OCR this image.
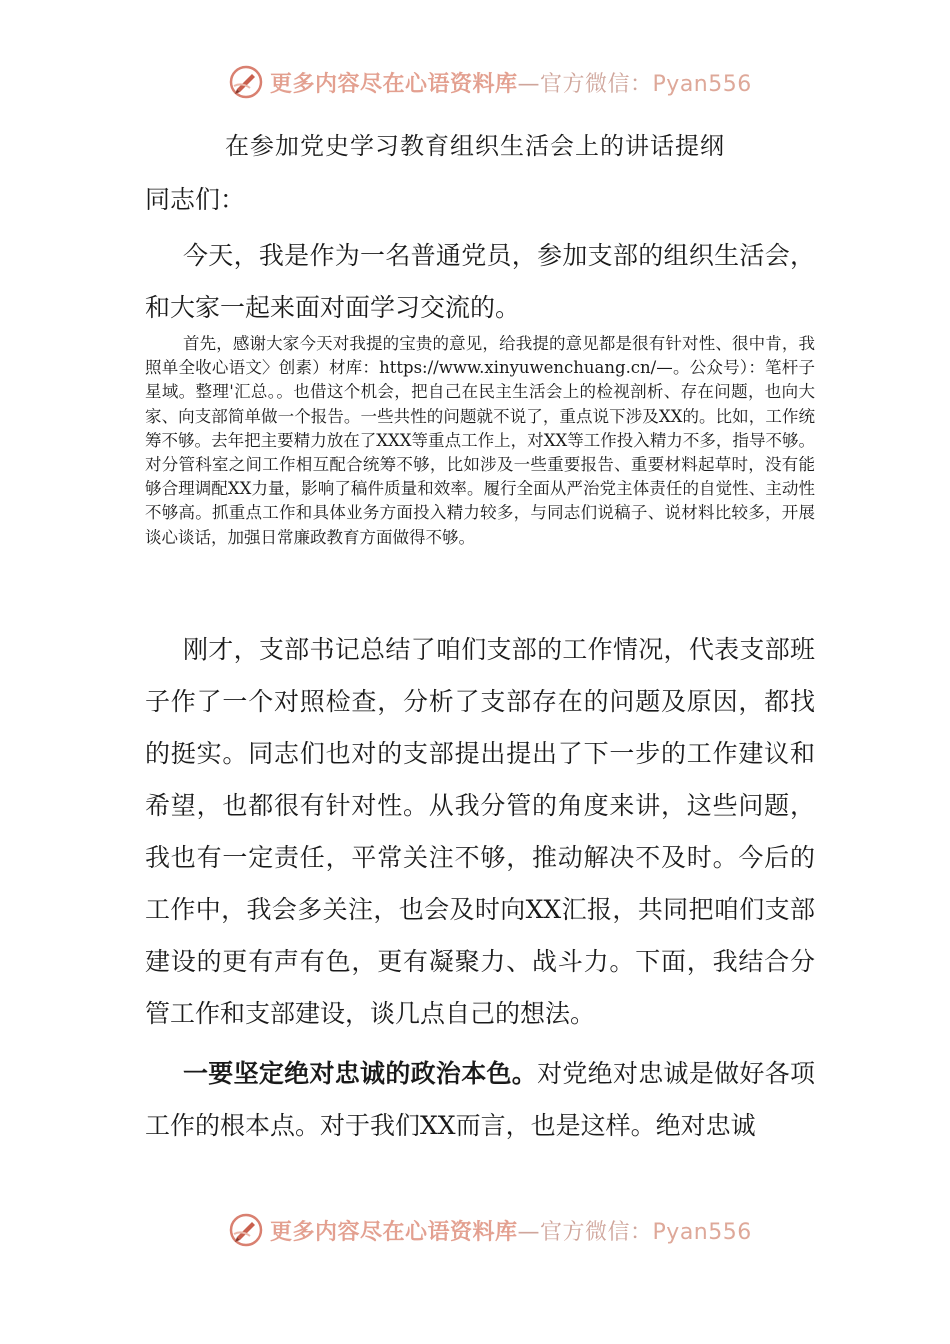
更多内容尽在心语资料库—官方微信：Pyan556
在参加党史学习教育组织生活会上的讲话提纲
同志们：

今天，我是作为一名普通党员，参加支部的组织生活会，和大家一起来面对面学习交流的。

首先，感谢大家今天对我提的宝贵的意见，给我提的意见都是很有针对性、很中肯，我照单全收心语文〉创素）材库：https://www.xinyuwenchuang.cn/—。公众号）：笔杆子星域。整理'汇总。。也借这个机会，把自己在民主生活会上的检视剖析、存在问题，也向大家、向支部简单做一个报告。一些共性的问题就不说了，重点说下涉及XX的。比如，工作统筹不够。去年把主要精力放在了XXX等重点工作上，对XX等工作投入精力不多，指导不够。对分管科室之间工作相互配合统筹不够，比如涉及一些重要报告、重要材料起草时，没有能够合理调配XX力量，影响了稿件质量和效率。履行全面从严治党主体责任的自觉性、主动性不够高。抓重点工作和具体业务方面投入精力较多，与同志们说稿子、说材料比较多，开展谈心谈话，加强日常廉政教育方面做得不够。

刚才，支部书记总结了咱们支部的工作情况，代表支部班子作了一个对照检查，分析了支部存在的问题及原因，都找的挺实。同志们也对的支部提出提出了下一步的工作建议和希望，也都很有针对性。从我分管的角度来讲，这些问题，我也有一定责任，平常关注不够，推动解决不及时。今后的工作中，我会多关注，也会及时向XX汇报，共同把咱们支部建设的更有声有色，更有凝聚力、战斗力。下面，我结合分管工作和支部建设，谈几点自己的想法。

一要坚定绝对忠诚的政治本色。对党绝对忠诚是做好各项工作的根本点。对于我们XX而言，也是这样。绝对忠诚

更多内容尽在心语资料库—官方微信：Pyan556
